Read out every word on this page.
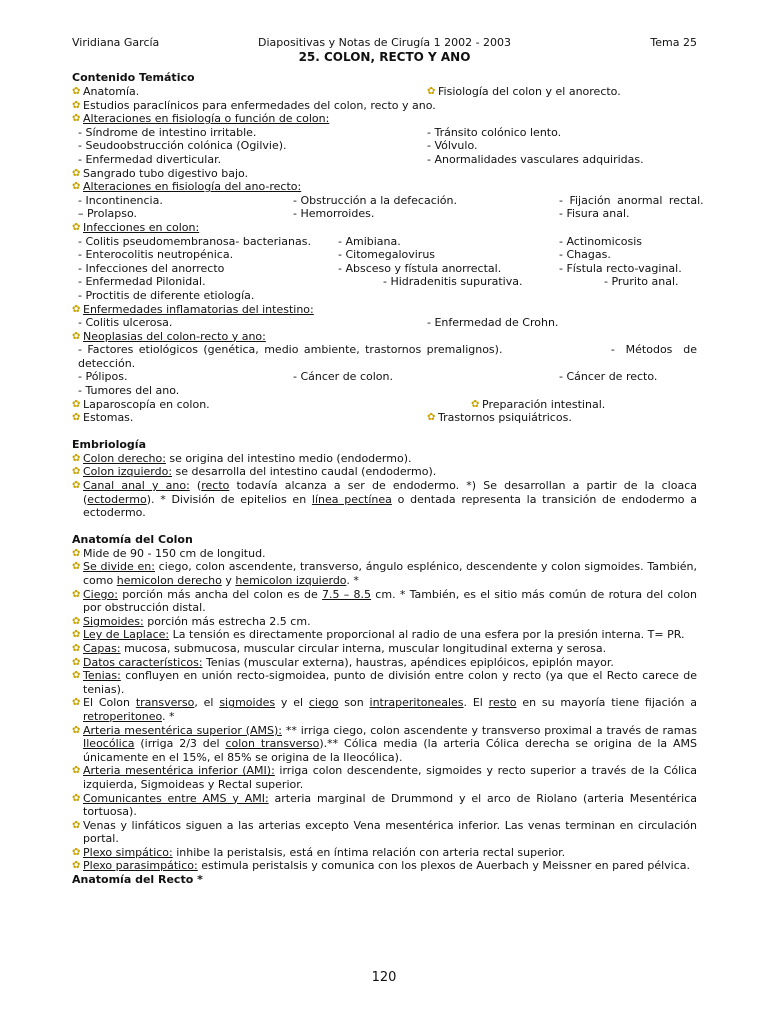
Viridiana García	Diapositivas y Notas de Cirugía 1 2002 - 2003	Tema 25
25. COLON, RECTO Y ANO
Contenido Temático
✿ Anatomía.	✿ Fisiología del colon y el anorecto.
✿ Estudios paraclínicos para enfermedades del colon, recto y ano.
✿ Alteraciones en fisiología o función de colon:
- Síndrome de intestino irritable.	- Tránsito colónico lento.
- Seudoobstrucción colónica (Ogilvie).	- Vólvulo.
- Enfermedad diverticular.	- Anormalidades vasculares adquiridas.
✿ Sangrado tubo digestivo bajo.
✿ Alteraciones en fisiología del ano-recto:
- Incontinencia.	- Obstrucción a la defecación.	- Fijación anormal rectal.
– Prolapso.	- Hemorroides.	- Fisura anal.
✿ Infecciones en colon:
- Colitis pseudomembranosa- bacterianas. - Amibiana.	- Actinomicosis
- Enterocolitis neutropénica.	- Citomegalovirus	- Chagas.
- Infecciones del anorrecto	- Absceso y fístula anorrectal.	- Fístula recto-vaginal.
- Enfermedad Pilonidal.	- Hidradenitis supurativa.	- Prurito anal.
- Proctitis de diferente etiología.
✿ Enfermedades inflamatorias del intestino:
- Colitis ulcerosa.	- Enfermedad de Crohn.
✿ Neoplasias del colon-recto y ano:
- Factores etiológicos (genética, medio ambiente, trastornos premalignos).                    -  Métodos  de detección.
- Pólipos.	- Cáncer de colon.	- Cáncer de recto.
- Tumores del ano.
✿ Laparoscopía en colon.	✿ Preparación intestinal.
✿ Estomas.	✿ Trastornos psiquiátricos.
Embriología
✿ Colon derecho: se origina del intestino medio (endodermo).
✿ Colon izquierdo: se desarrolla del intestino caudal (endodermo).
✿ Canal anal y ano: (recto todavía alcanza a ser de endodermo. *) Se desarrollan a partir de la cloaca (ectodermo). * División de epitelios en línea pectínea o dentada representa la transición de endodermo a ectodermo.
Anatomía del Colon
✿ Mide de 90 - 150 cm de longitud.
✿ Se divide en: ciego, colon ascendente, transverso, ángulo esplénico, descendente y colon sigmoides. También, como hemicolon derecho y hemicolon izquierdo. *
✿ Ciego: porción más ancha del colon es de 7.5 – 8.5 cm. * También, es el sitio más común de rotura del colon por obstrucción distal.
✿ Sigmoides: porción más estrecha 2.5 cm.
✿ Ley de Laplace: La tensión es directamente proporcional al radio de una esfera por la presión interna. T= PR.
✿ Capas: mucosa, submucosa, muscular circular interna, muscular longitudinal externa y serosa.
✿ Datos característicos: Tenias (muscular externa), haustras, apéndices epiplóicos, epiplón mayor.
✿ Tenias: confluyen en unión recto-sigmoidea, punto de división entre colon y recto (ya que el Recto carece de tenias).
✿ El Colon transverso, el sigmoides y el ciego son intraperitoneales. El resto en su mayoría tiene fijación a retroperitoneo. *
✿ Arteria mesentérica superior (AMS): ** irriga ciego, colon ascendente y transverso proximal a través de ramas Ileocólica (irriga 2/3 del colon transverso).** Cólica media (la arteria Cólica derecha se origina de la AMS únicamente en el 15%, el 85% se origina de la Ileocólica).
✿ Arteria mesentérica inferior (AMI): irriga colon descendente, sigmoides y recto superior a través de la Cólica izquierda, Sigmoideas y Rectal superior.
✿ Comunicantes entre AMS y AMI: arteria marginal de Drummond y el arco de Riolano (arteria Mesentérica tortuosa).
✿ Venas y linfáticos siguen a las arterias excepto Vena mesentérica inferior. Las venas terminan en circulación portal.
✿ Plexo simpático: inhibe la peristalsis, está en íntima relación con arteria rectal superior.
✿ Plexo parasimpático: estimula peristalsis y comunica con los plexos de Auerbach y Meissner en pared pélvica.
Anatomía del Recto *
120
